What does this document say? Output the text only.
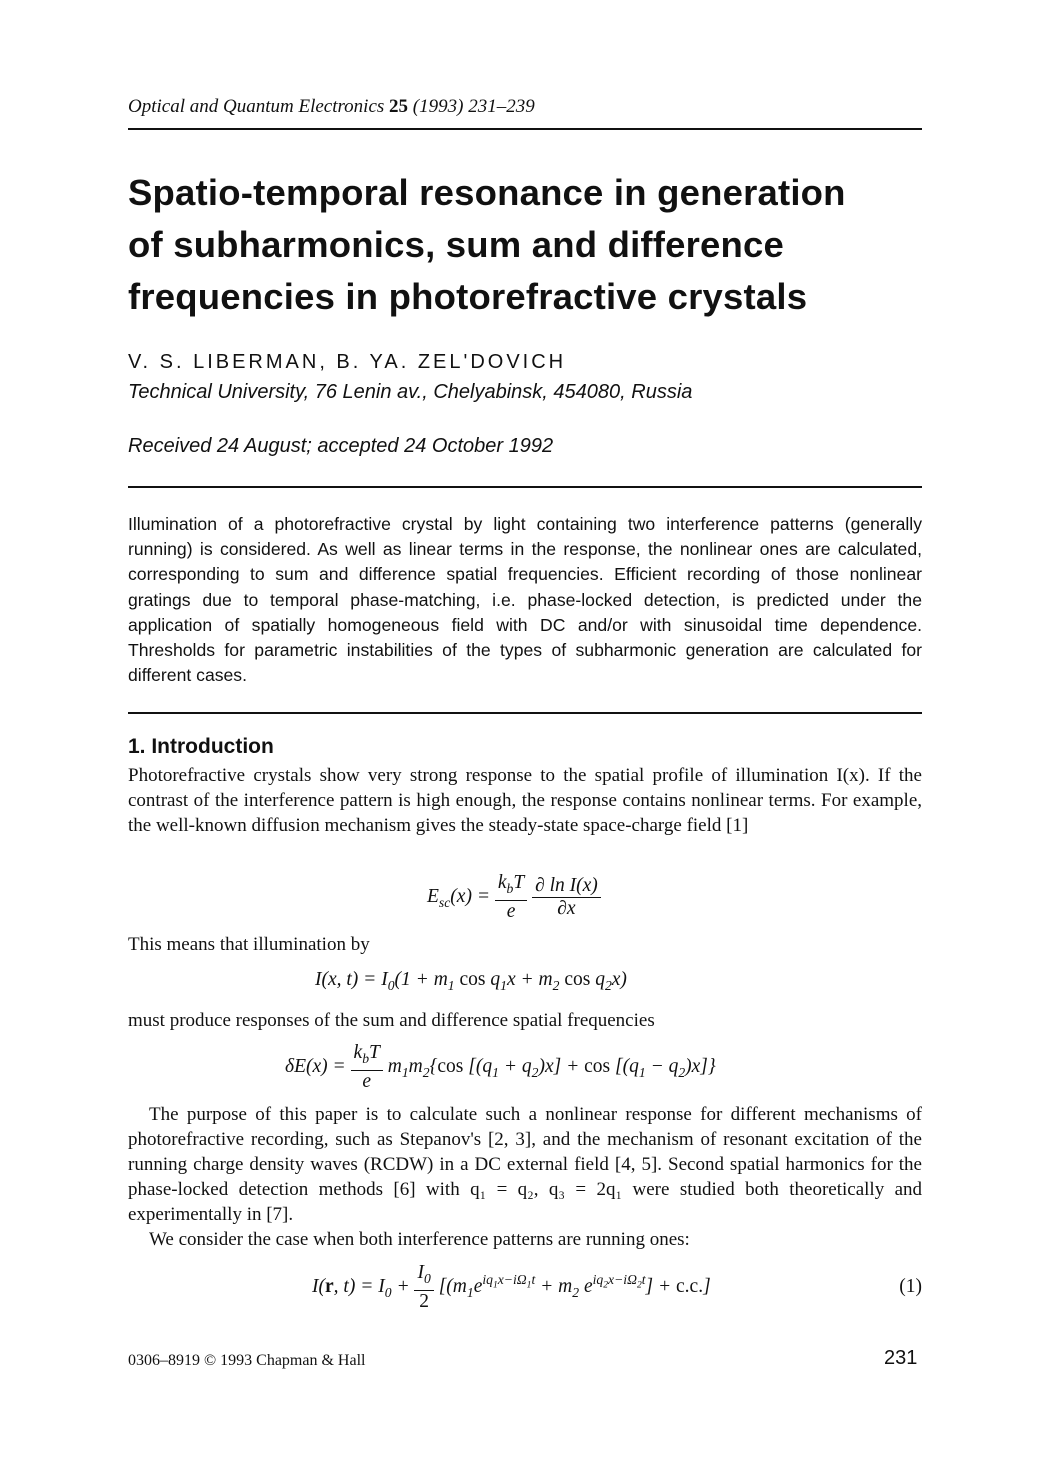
Optical and Quantum Electronics 25 (1993) 231–239
Spatio-temporal resonance in generation
of subharmonics, sum and difference
frequencies in photorefractive crystals
V. S. LIBERMAN, B. YA. ZEL'DOVICH
Technical University, 76 Lenin av., Chelyabinsk, 454080, Russia
Received 24 August; accepted 24 October 1992
Illumination of a photorefractive crystal by light containing two interference patterns (generally running) is considered. As well as linear terms in the response, the nonlinear ones are calculated, corresponding to sum and difference spatial frequencies. Efficient recording of those nonlinear gratings due to temporal phase-matching, i.e. phase-locked detection, is predicted under the application of spatially homogeneous field with DC and/or with sinusoidal time dependence. Thresholds for parametric instabilities of the types of subharmonic generation are calculated for different cases.
1. Introduction
Photorefractive crystals show very strong response to the spatial profile of illumination I(x). If the contrast of the interference pattern is high enough, the response contains nonlinear terms. For example, the well-known diffusion mechanism gives the steady-state space-charge field [1]
$E_{sc}(x) = \frac{k_bT}{e}$
$\frac{\text{∂ ln I(x)}}{\partial x}$
This means that illumination by
I(x, $t) = I_0(1 + m_1$ $\cos q_1x + m_2$ $\cos q_2x$)
must produce responses of the sum and difference spatial frequencies
$\delta E(x) = \frac{k_bT}{e} m_1m_2\{\cos$ $[(q_1 + q_2)x] + \cos [(q_1 - q_2)x]$}
The purpose of this paper is to calculate such a nonlinear response for different mechanisms of photorefractive recording, such as Stepanov's [2, 3], and the mechanism of resonant excitation of the running charge density waves (RCDW) in a DC external field [4, 5]. Second spatial harmonics for the phase-locked detection methods [6] with q₁ = q₂, q₃ = 2q₁ were studied both theoretically and experimentally in [7].
We consider the case when both interference patterns are running ones:
I(r, $t) = I_0 + \frac{I_0}{2} [(m_1e^{iq_1x-i\Omega_1t} + m_2$ $e^{iq_2x-i\Omega_2t}] + c.c$.]	(1)
0306–8919 © 1993 Chapman & Hall	231
